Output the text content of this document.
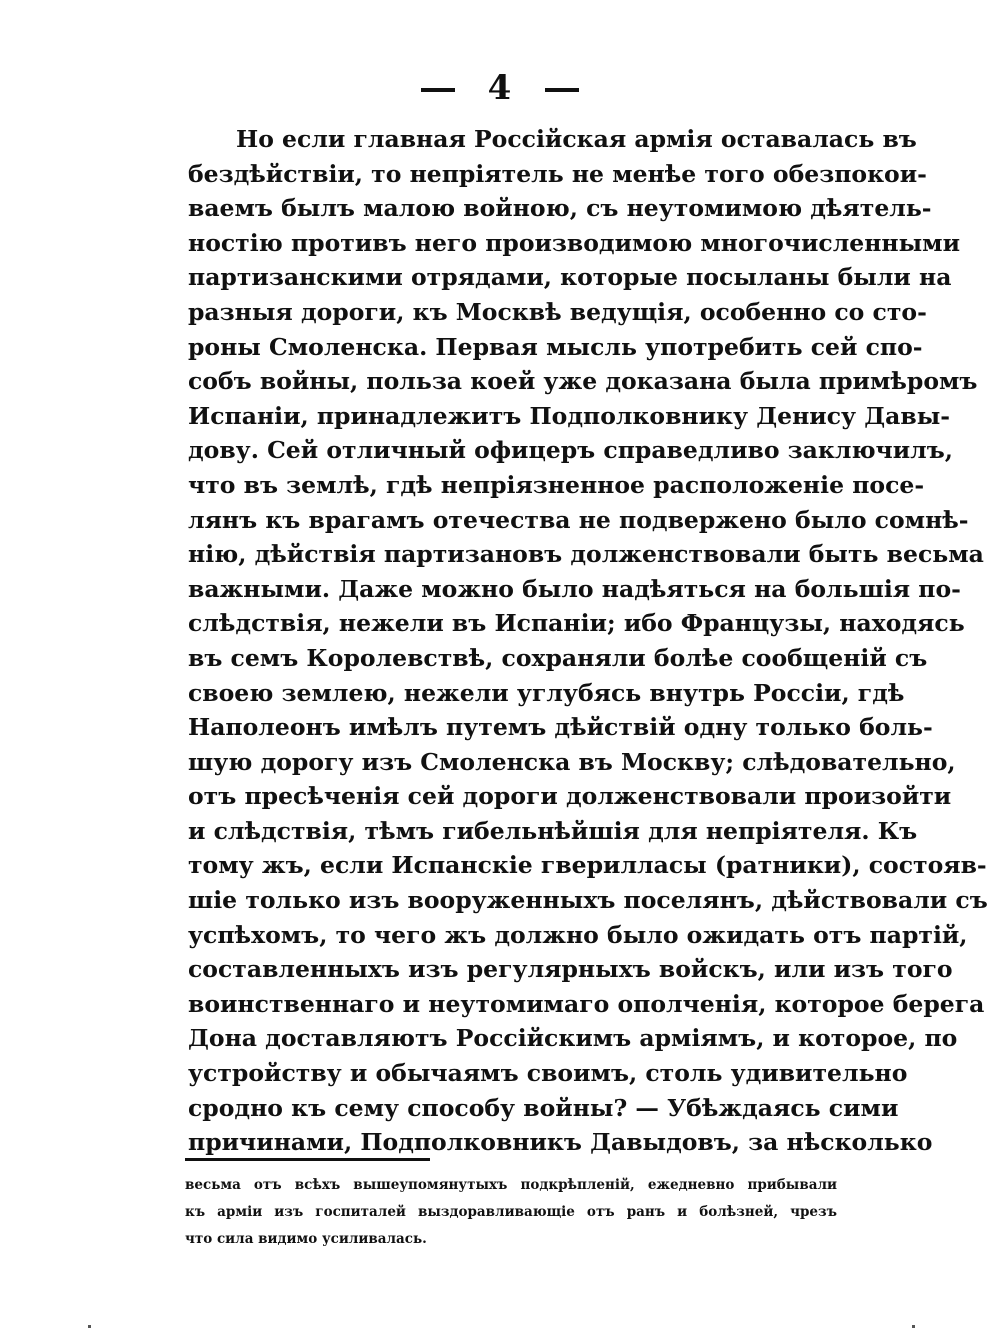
4
Но если главная Россійская армія оставалась въ
бездѣйствіи, то непріятель не менѣе того обезпокои-
ваемъ былъ малою войною, съ неутомимою дѣятель-
ностію противъ него производимою многочисленными
партизанскими отрядами, которые посыланы были на
разныя дороги, къ Москвѣ ведущія, особенно со сто-
роны Смоленска. Первая мысль употребить сей спо-
собъ войны, польза коей уже доказана была примѣромъ
Испаніи, принадлежитъ Подполковнику Денису Давы-
дову. Сей отличный офицеръ справедливо заключилъ,
что въ землѣ, гдѣ непріязненное расположеніе посе-
лянъ къ врагамъ отечества не подвержено было сомнѣ-
нію, дѣйствія партизановъ долженствовали быть весьма
важными. Даже можно было надѣяться на большія по-
слѣдствія, нежели въ Испаніи; ибо Французы, находясь
въ семъ Королевствѣ, сохраняли болѣе сообщеній съ
своею землею, нежели углубясь внутрь Россіи, гдѣ
Наполеонъ имѣлъ путемъ дѣйствій одну только боль-
шую дорогу изъ Смоленска въ Москву; слѣдовательно,
отъ пресѣченія сей дороги долженствовали произойти
и слѣдствія, тѣмъ гибельнѣйшія для непріятеля. Къ
тому жъ, если Испанскіе гверилласы (ратники), состояв-
шіе только изъ вооруженныхъ поселянъ, дѣйствовали съ
успѣхомъ, то чего жъ должно было ожидать отъ партій,
составленныхъ изъ регулярныхъ войскъ, или изъ того
воинственнаго и неутомимаго ополченія, которое берега
Дона доставляютъ Россійскимъ арміямъ, и которое, по
устройству и обычаямъ своимъ, столь удивительно
сродно къ сему способу войны? — Убѣждаясь сими
причинами, Подполковникъ Давыдовъ, за нѣсколько
весьма отъ всѣхъ вышеупомянутыхъ подкрѣпленій, ежедневно прибывали
къ арміи изъ госпиталей выздоравливающіе отъ ранъ и болѣзней, чрезъ
что сила видимо усиливалась.
